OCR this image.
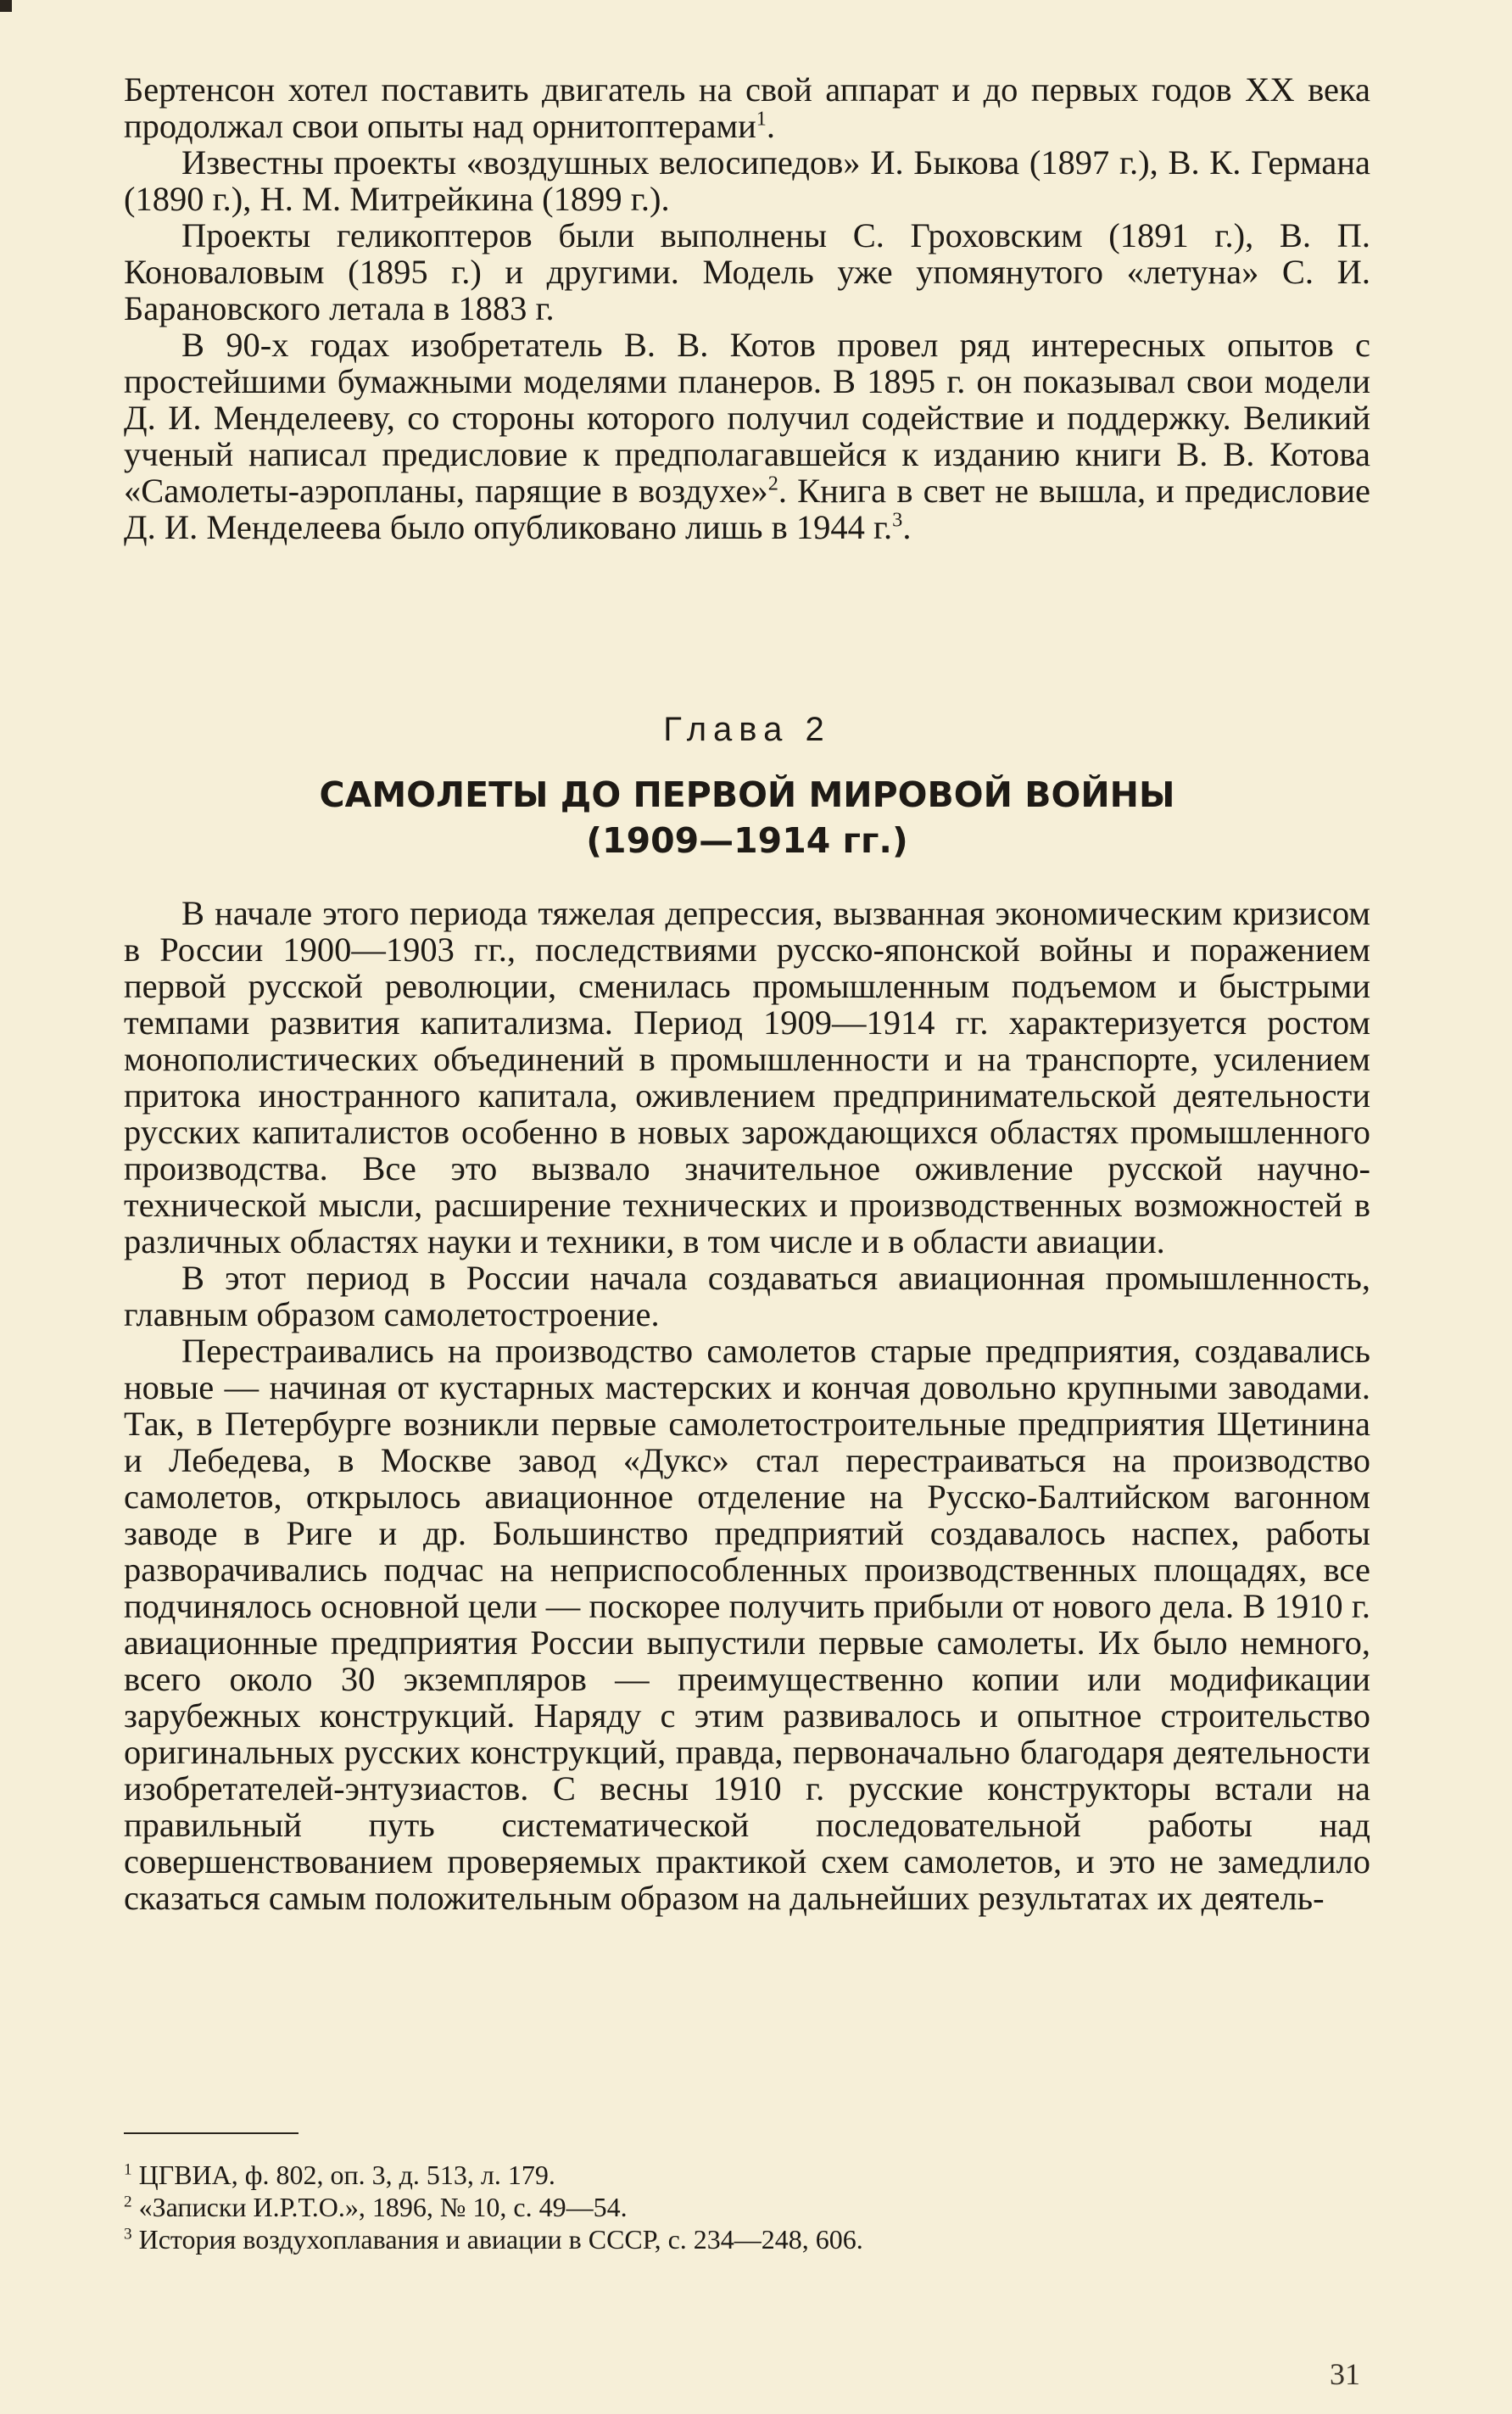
Бертенсон хотел поставить двигатель на свой аппарат и до первых годов XX века продолжал свои опыты над орнитоптерами$^1$.

Известны проекты «воздушных велосипедов» И. Быкова (1897 г.), В. К. Германа (1890 г.), Н. М. Митрейкина (1899 г.).

Проекты геликоптеров были выполнены С. Гроховским (1891 г.), В. П. Коноваловым (1895 г.) и другими. Модель уже упомянутого «летуна» С. И. Барановского летала в 1883 г.

В 90-х годах изобретатель В. В. Котов провел ряд интересных опытов с простейшими бумажными моделями планеров. В 1895 г. он показывал свои модели Д. И. Менделееву, со стороны которого получил содействие и поддержку. Великий ученый написал предисловие к предполагавшейся к изданию книги В. В. Котова «Самолеты-аэропланы, парящие в воздухе»$^2$. Книга в свет не вышла, и предисловие Д. И. Менделеева было опубликовано лишь в 1944 г.$^3$.

Глава 2
САМОЛЕТЫ ДО ПЕРВОЙ МИРОВОЙ ВОЙНЫ
(1909—1914 гг.)

В начале этого периода тяжелая депрессия, вызванная экономическим кризисом в России 1900—1903 гг., последствиями русско-японской войны и поражением первой русской революции, сменилась промышленным подъемом и быстрыми темпами развития капитализма. Период 1909—1914 гг. характеризуется ростом монополистических объединений в промышленности и на транспорте, усилением притока иностранного капитала, оживлением предпринимательской деятельности русских капиталистов особенно в новых зарождающихся областях промышленного производства. Все это вызвало значительное оживление русской научно-технической мысли, расширение технических и производственных возможностей в различных областях науки и техники, в том числе и в области авиации.

В этот период в России начала создаваться авиационная промышленность, главным образом самолетостроение.

Перестраивались на производство самолетов старые предприятия, создавались новые — начиная от кустарных мастерских и кончая довольно крупными заводами. Так, в Петербурге возникли первые самолетостроительные предприятия Щетинина и Лебедева, в Москве завод «Дукс» стал перестраиваться на производство самолетов, открылось авиационное отделение на Русско-Балтийском вагонном заводе в Риге и др. Большинство предприятий создавалось наспех, работы разворачивались подчас на неприспособленных производственных площадях, все подчинялось основной цели — поскорее получить прибыли от нового дела. В 1910 г. авиационные предприятия России выпустили первые самолеты. Их было немного, всего около 30 экземпляров — преимущественно копии или модификации зарубежных конструкций. Наряду с этим развивалось и опытное строительство оригинальных русских конструкций, правда, первоначально благодаря деятельности изобретателей-энтузиастов. С весны 1910 г. русские конструкторы встали на правильный путь систематической последовательной работы над совершенствованием проверяемых практикой схем самолетов, и это не замедлило сказаться самым положительным образом на дальнейших результатах их деятель-

$^1$ ЦГВИА, ф. 802, оп. 3, д. 513, л. 179.

$^2$ «Записки И.Р.Т.О.», 1896, № 10, с. 49—54.

$^3$ История воздухоплавания и авиации в СССР, с. 234—248, 606.

31
